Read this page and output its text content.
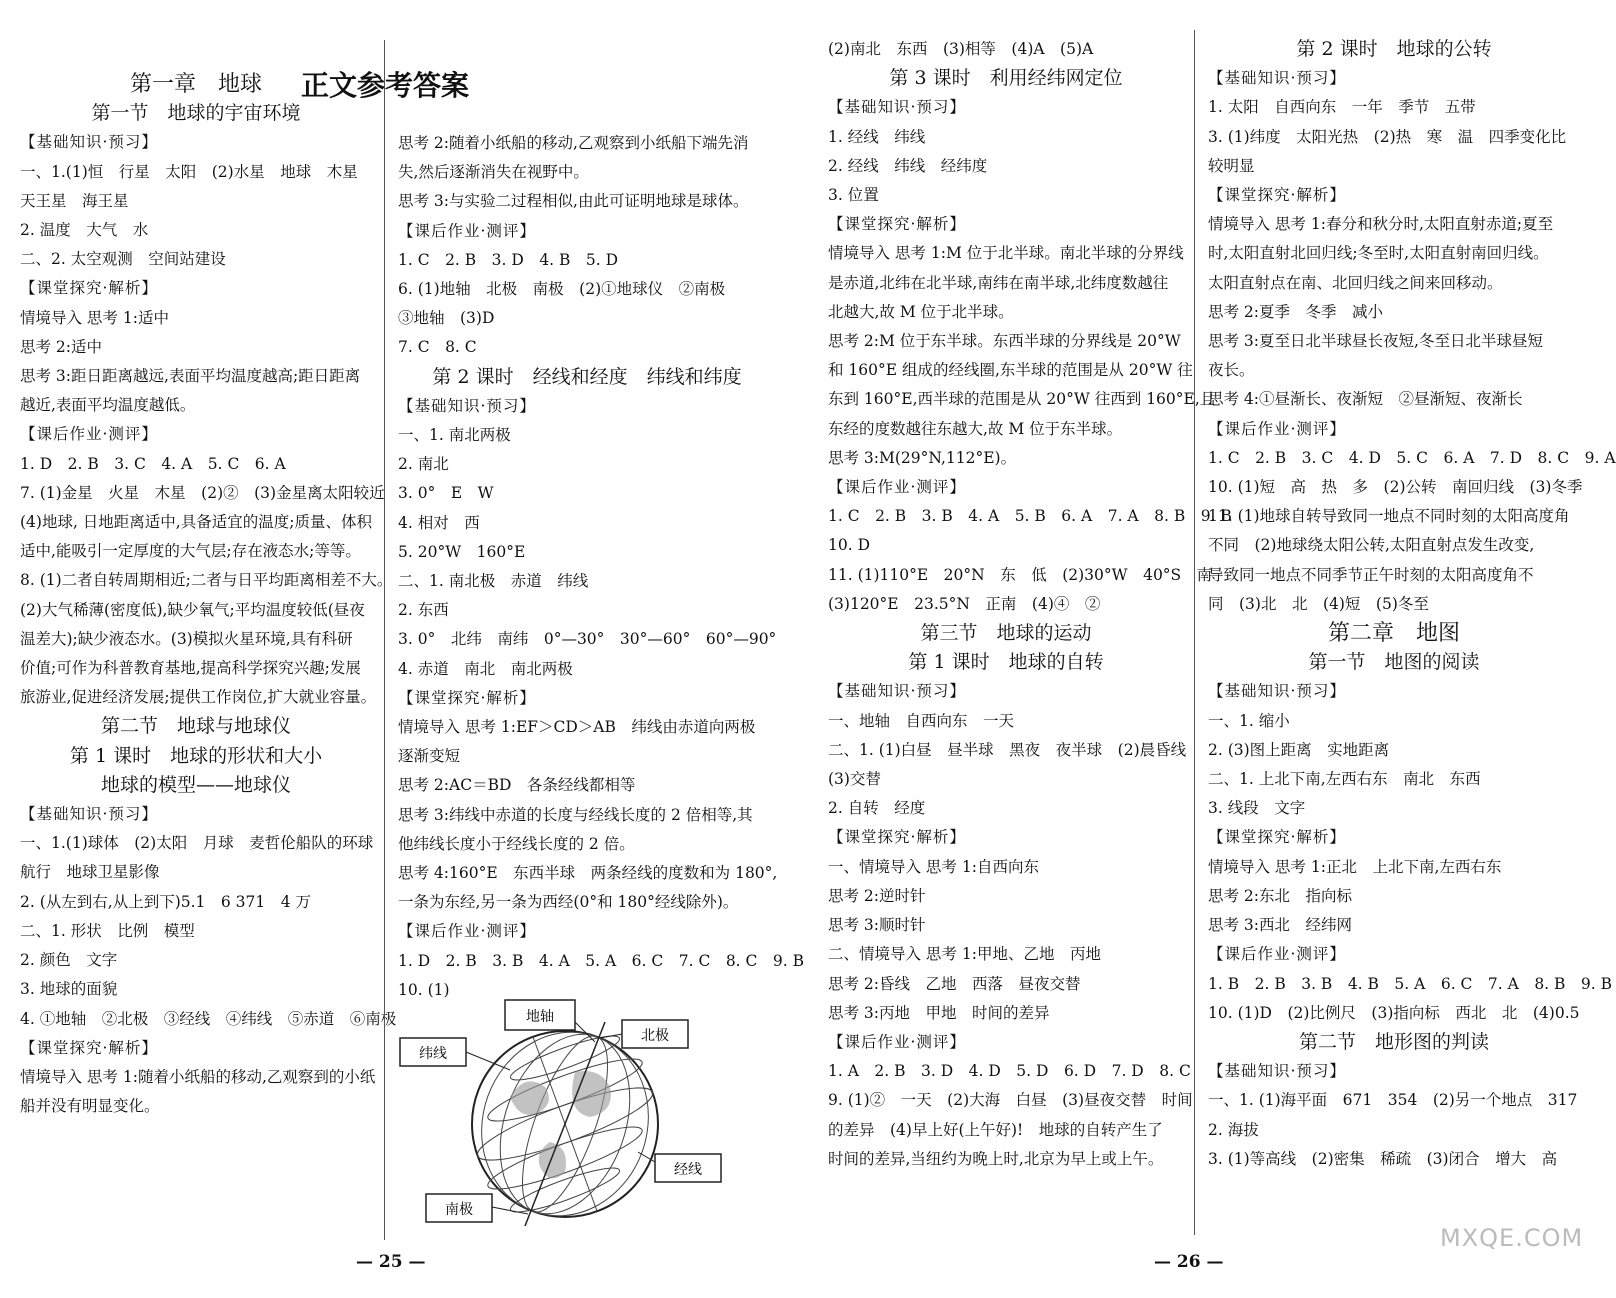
正文参考答案
第一章　地球
第一节　地球的宇宙环境
【基础知识·预习】
一、1.(1)恒　行星　太阳　(2)水星　地球　木星
天王星　海王星
2. 温度　大气　水
二、2. 太空观测　空间站建设
【课堂探究·解析】
情境导入 思考 1:适中
思考 2:适中
思考 3:距日距离越远,表面平均温度越高;距日距离
越近,表面平均温度越低。
【课后作业·测评】
1. D　2. B　3. C　4. A　5. C　6. A
7. (1)金星　火星　木星　(2)②　(3)金星离太阳较近
(4)地球, 日地距离适中,具备适宜的温度;质量、体积
适中,能吸引一定厚度的大气层;存在液态水;等等。
8. (1)二者自转周期相近;二者与日平均距离相差不大。
(2)大气稀薄(密度低),缺少氧气;平均温度较低(昼夜
温差大);缺少液态水。(3)模拟火星环境,具有科研
价值;可作为科普教育基地,提高科学探究兴趣;发展
旅游业,促进经济发展;提供工作岗位,扩大就业容量。
第二节　地球与地球仪
第 1 课时　地球的形状和大小
地球的模型——地球仪
【基础知识·预习】
一、1.(1)球体　(2)太阳　月球　麦哲伦船队的环球
航行　地球卫星影像
2. (从左到右,从上到下)5.1　6 371　4 万
二、1. 形状　比例　模型
2. 颜色　文字
3. 地球的面貌
4. ①地轴　②北极　③经线　④纬线　⑤赤道　⑥南极
【课堂探究·解析】
情境导入 思考 1:随着小纸船的移动,乙观察到的小纸
船并没有明显变化。
思考 2:随着小纸船的移动,乙观察到小纸船下端先消
失,然后逐渐消失在视野中。
思考 3:与实验二过程相似,由此可证明地球是球体。
【课后作业·测评】
1. C　2. B　3. D　4. B　5. D
6. (1)地轴　北极　南极　(2)①地球仪　②南极
③地轴　(3)D
7. C　8. C
第 2 课时　经线和经度　纬线和纬度
【基础知识·预习】
一、1. 南北两极
2. 南北
3. 0°　E　W
4. 相对　西
5. 20°W　160°E
二、1. 南北极　赤道　纬线
2. 东西
3. 0°　北纬　南纬　0°—30°　30°—60°　60°—90°
4. 赤道　南北　南北两极
【课堂探究·解析】
情境导入 思考 1:EF＞CD＞AB　纬线由赤道向两极
逐渐变短
思考 2:AC＝BD　各条经线都相等
思考 3:纬线中赤道的长度与经线长度的 2 倍相等,其
他纬线长度小于经线长度的 2 倍。
思考 4:160°E　东西半球　两条经线的度数和为 180°,
一条为东经,另一条为西经(0°和 180°经线除外)。
【课后作业·测评】
1. D　2. B　3. B　4. A　5. A　6. C　7. C　8. C　9. B
10. (1)
(2)南北　东西　(3)相等　(4)A　(5)A
第 3 课时　利用经纬网定位
【基础知识·预习】
1. 经线　纬线
2. 经线　纬线　经纬度
3. 位置
【课堂探究·解析】
情境导入 思考 1:M 位于北半球。南北半球的分界线
是赤道,北纬在北半球,南纬在南半球,北纬度数越往
北越大,故 M 位于北半球。
思考 2:M 位于东半球。东西半球的分界线是 20°W
和 160°E 组成的经线圈,东半球的范围是从 20°W 往
东到 160°E,西半球的范围是从 20°W 往西到 160°E,且
东经的度数越往东越大,故 M 位于东半球。
思考 3:M(29°N,112°E)。
【课后作业·测评】
1. C　2. B　3. B　4. A　5. B　6. A　7. A　8. B　9. B
10. D
11. (1)110°E　20°N　东　低　(2)30°W　40°S　南
(3)120°E　23.5°N　正南　(4)④　②
第三节　地球的运动
第 1 课时　地球的自转
【基础知识·预习】
一、地轴　自西向东　一天
二、1. (1)白昼　昼半球　黑夜　夜半球　(2)晨昏线
(3)交替
2. 自转　经度
【课堂探究·解析】
一、情境导入 思考 1:自西向东
思考 2:逆时针
思考 3:顺时针
二、情境导入 思考 1:甲地、乙地　丙地
思考 2:昏线　乙地　西落　昼夜交替
思考 3:丙地　甲地　时间的差异
【课后作业·测评】
1. A　2. B　3. D　4. D　5. D　6. D　7. D　8. C
9. (1)②　一天　(2)大海　白昼　(3)昼夜交替　时间
的差异　(4)早上好(上午好)!　地球的自转产生了
时间的差异,当纽约为晚上时,北京为早上或上午。
第 2 课时　地球的公转
【基础知识·预习】
1. 太阳　自西向东　一年　季节　五带
3. (1)纬度　太阳光热　(2)热　寒　温　四季变化比
较明显
【课堂探究·解析】
情境导入 思考 1:春分和秋分时,太阳直射赤道;夏至
时,太阳直射北回归线;冬至时,太阳直射南回归线。
太阳直射点在南、北回归线之间来回移动。
思考 2:夏季　冬季　减小
思考 3:夏至日北半球昼长夜短,冬至日北半球昼短
夜长。
思考 4:①昼渐长、夜渐短　②昼渐短、夜渐长
【课后作业·测评】
1. C　2. B　3. C　4. D　5. C　6. A　7. D　8. C　9. A
10. (1)短　高　热　多　(2)公转　南回归线　(3)冬季
11. (1)地球自转导致同一地点不同时刻的太阳高度角
不同　(2)地球绕太阳公转,太阳直射点发生改变,
导致同一地点不同季节正午时刻的太阳高度角不
同　(3)北　北　(4)短　(5)冬至
第二章　地图
第一节　地图的阅读
【基础知识·预习】
一、1. 缩小
2. (3)图上距离　实地距离
二、1. 上北下南,左西右东　南北　东西
3. 线段　文字
【课堂探究·解析】
情境导入 思考 1:正北　上北下南,左西右东
思考 2:东北　指向标
思考 3:西北　经纬网
【课后作业·测评】
1. B　2. B　3. B　4. B　5. A　6. C　7. A　8. B　9. B
10. (1)D　(2)比例尺　(3)指向标　西北　北　(4)0.5
第二节　地形图的判读
【基础知识·预习】
一、1. (1)海平面　671　354　(2)另一个地点　317
2. 海拔
3. (1)等高线　(2)密集　稀疏　(3)闭合　增大　高
地轴
北极
纬线
经线
南极
— 25 —	— 26 —
MXQE.COM
